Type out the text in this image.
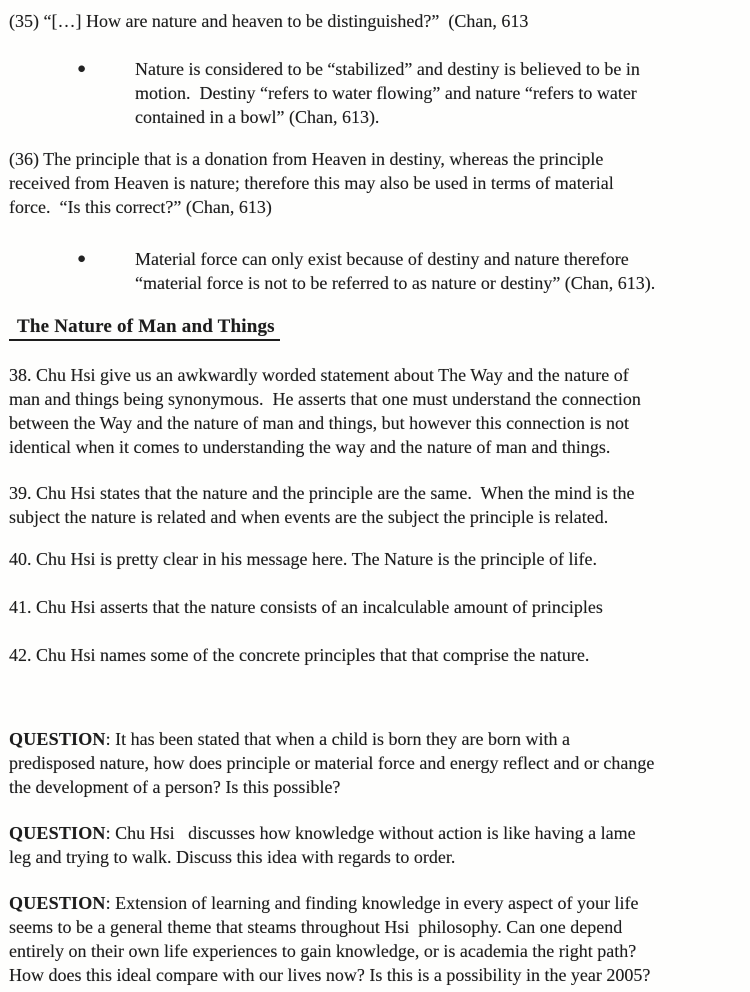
(35) “[…] How are nature and heaven to be distinguished?”  (Chan, 613
●	Nature is considered to be “stabilized” and destiny is believed to be in
motion.  Destiny “refers to water flowing” and nature “refers to water
contained in a bowl” (Chan, 613).
(36) The principle that is a donation from Heaven in destiny, whereas the principle
received from Heaven is nature; therefore this may also be used in terms of material
force.  “Is this correct?” (Chan, 613)
●	Material force can only exist because of destiny and nature therefore
“material force is not to be referred to as nature or destiny” (Chan, 613).
The Nature of Man and Things
38. Chu Hsi give us an awkwardly worded statement about The Way and the nature of
man and things being synonymous.  He asserts that one must understand the connection
between the Way and the nature of man and things, but however this connection is not
identical when it comes to understanding the way and the nature of man and things.
39. Chu Hsi states that the nature and the principle are the same.  When the mind is the
subject the nature is related and when events are the subject the principle is related.
40. Chu Hsi is pretty clear in his message here. The Nature is the principle of life.
41. Chu Hsi asserts that the nature consists of an incalculable amount of principles
42. Chu Hsi names some of the concrete principles that that comprise the nature.
QUESTION: It has been stated that when a child is born they are born with a
predisposed nature, how does principle or material force and energy reflect and or change
the development of a person? Is this possible?
QUESTION: Chu Hsi   discusses how knowledge without action is like having a lame
leg and trying to walk. Discuss this idea with regards to order.
QUESTION: Extension of learning and finding knowledge in every aspect of your life
seems to be a general theme that steams throughout Hsi  philosophy. Can one depend
entirely on their own life experiences to gain knowledge, or is academia the right path?
How does this ideal compare with our lives now? Is this is a possibility in the year 2005?
